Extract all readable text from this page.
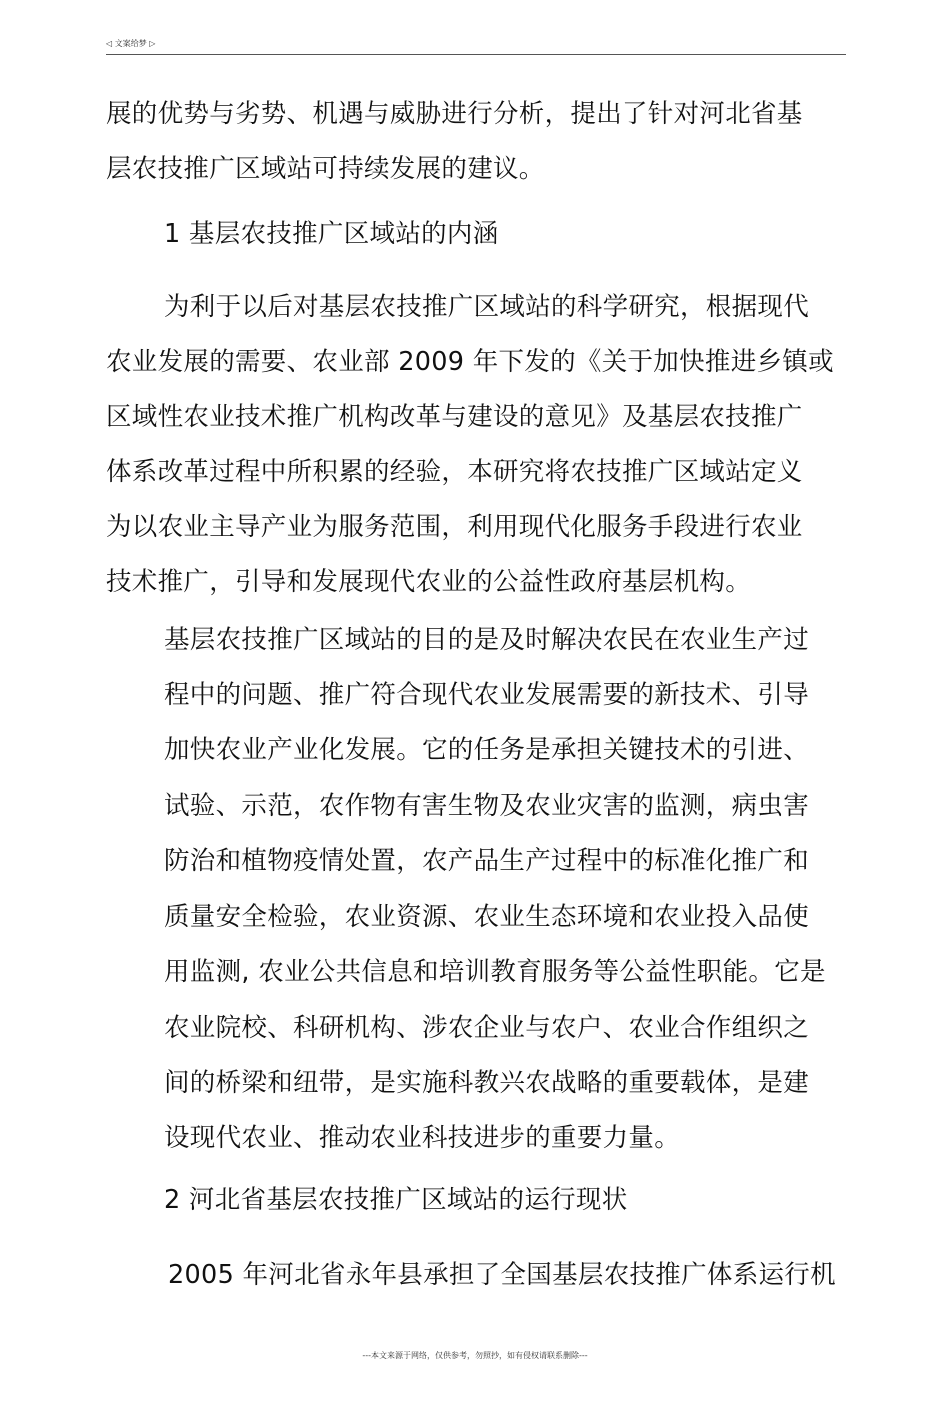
◁ 文案给梦 ▷
展的优势与劣势、机遇与威胁进行分析，提出了针对河北省基
层农技推广区域站可持续发展的建议。
1 基层农技推广区域站的内涵
为利于以后对基层农技推广区域站的科学研究，根据现代
农业发展的需要、农业部 2009 年下发的《关于加快推进乡镇或
区域性农业技术推广机构改革与建设的意见》及基层农技推广
体系改革过程中所积累的经验，本研究将农技推广区域站定义
为以农业主导产业为服务范围，利用现代化服务手段进行农业
技术推广，引导和发展现代农业的公益性政府基层机构。
基层农技推广区域站的目的是及时解决农民在农业生产过
程中的问题、推广符合现代农业发展需要的新技术、引导
加快农业产业化发展。它的任务是承担关键技术的引进、
试验、示范，农作物有害生物及农业灾害的监测，病虫害
防治和植物疫情处置，农产品生产过程中的标准化推广和
质量安全检验，农业资源、农业生态环境和农业投入品使
用监测, 农业公共信息和培训教育服务等公益性职能。它是
农业院校、科研机构、涉农企业与农户、农业合作组织之
间的桥梁和纽带，是实施科教兴农战略的重要载体，是建
设现代农业、推动农业科技进步的重要力量。
2 河北省基层农技推广区域站的运行现状
2005 年河北省永年县承担了全国基层农技推广体系运行机
---本文来源于网络，仅供参考，勿照抄，如有侵权请联系删除---
